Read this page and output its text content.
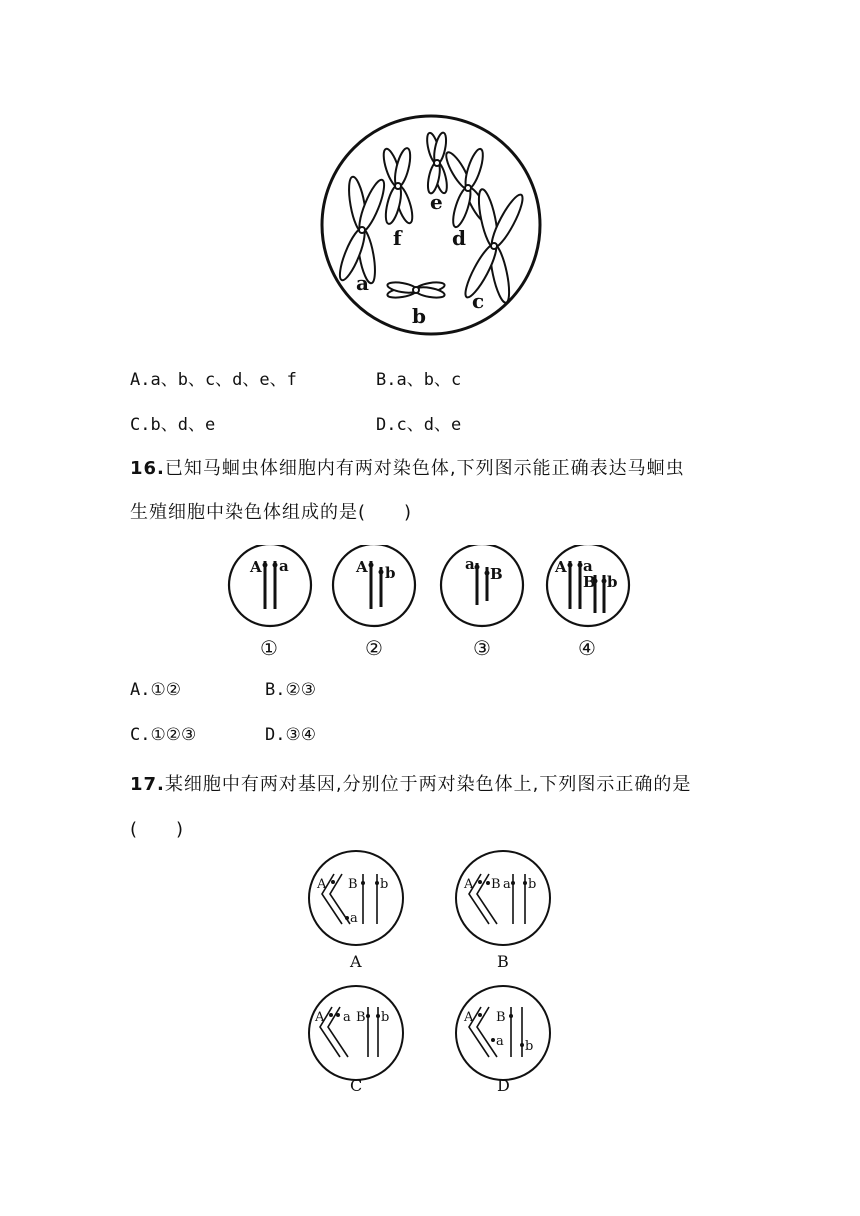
a
b
c
d
e
f
A.a、b、c、d、e、f	B.a、b、c
C.b、d、e	D.c、d、e
16.已知马蛔虫体细胞内有两对染色体,下列图示能正确表达马蛔虫
生殖细胞中染色体组成的是(　　)
A a	A b	a
B	A a
B b
①	②	③	④
A.①②	B.②③
C.①②③	D.③④
17.某细胞中有两对基因,分别位于两对染色体上,下列图示正确的是
(　　)
A B
a
b
A
A B a b
B
A a B b
C
A B
a b
D
